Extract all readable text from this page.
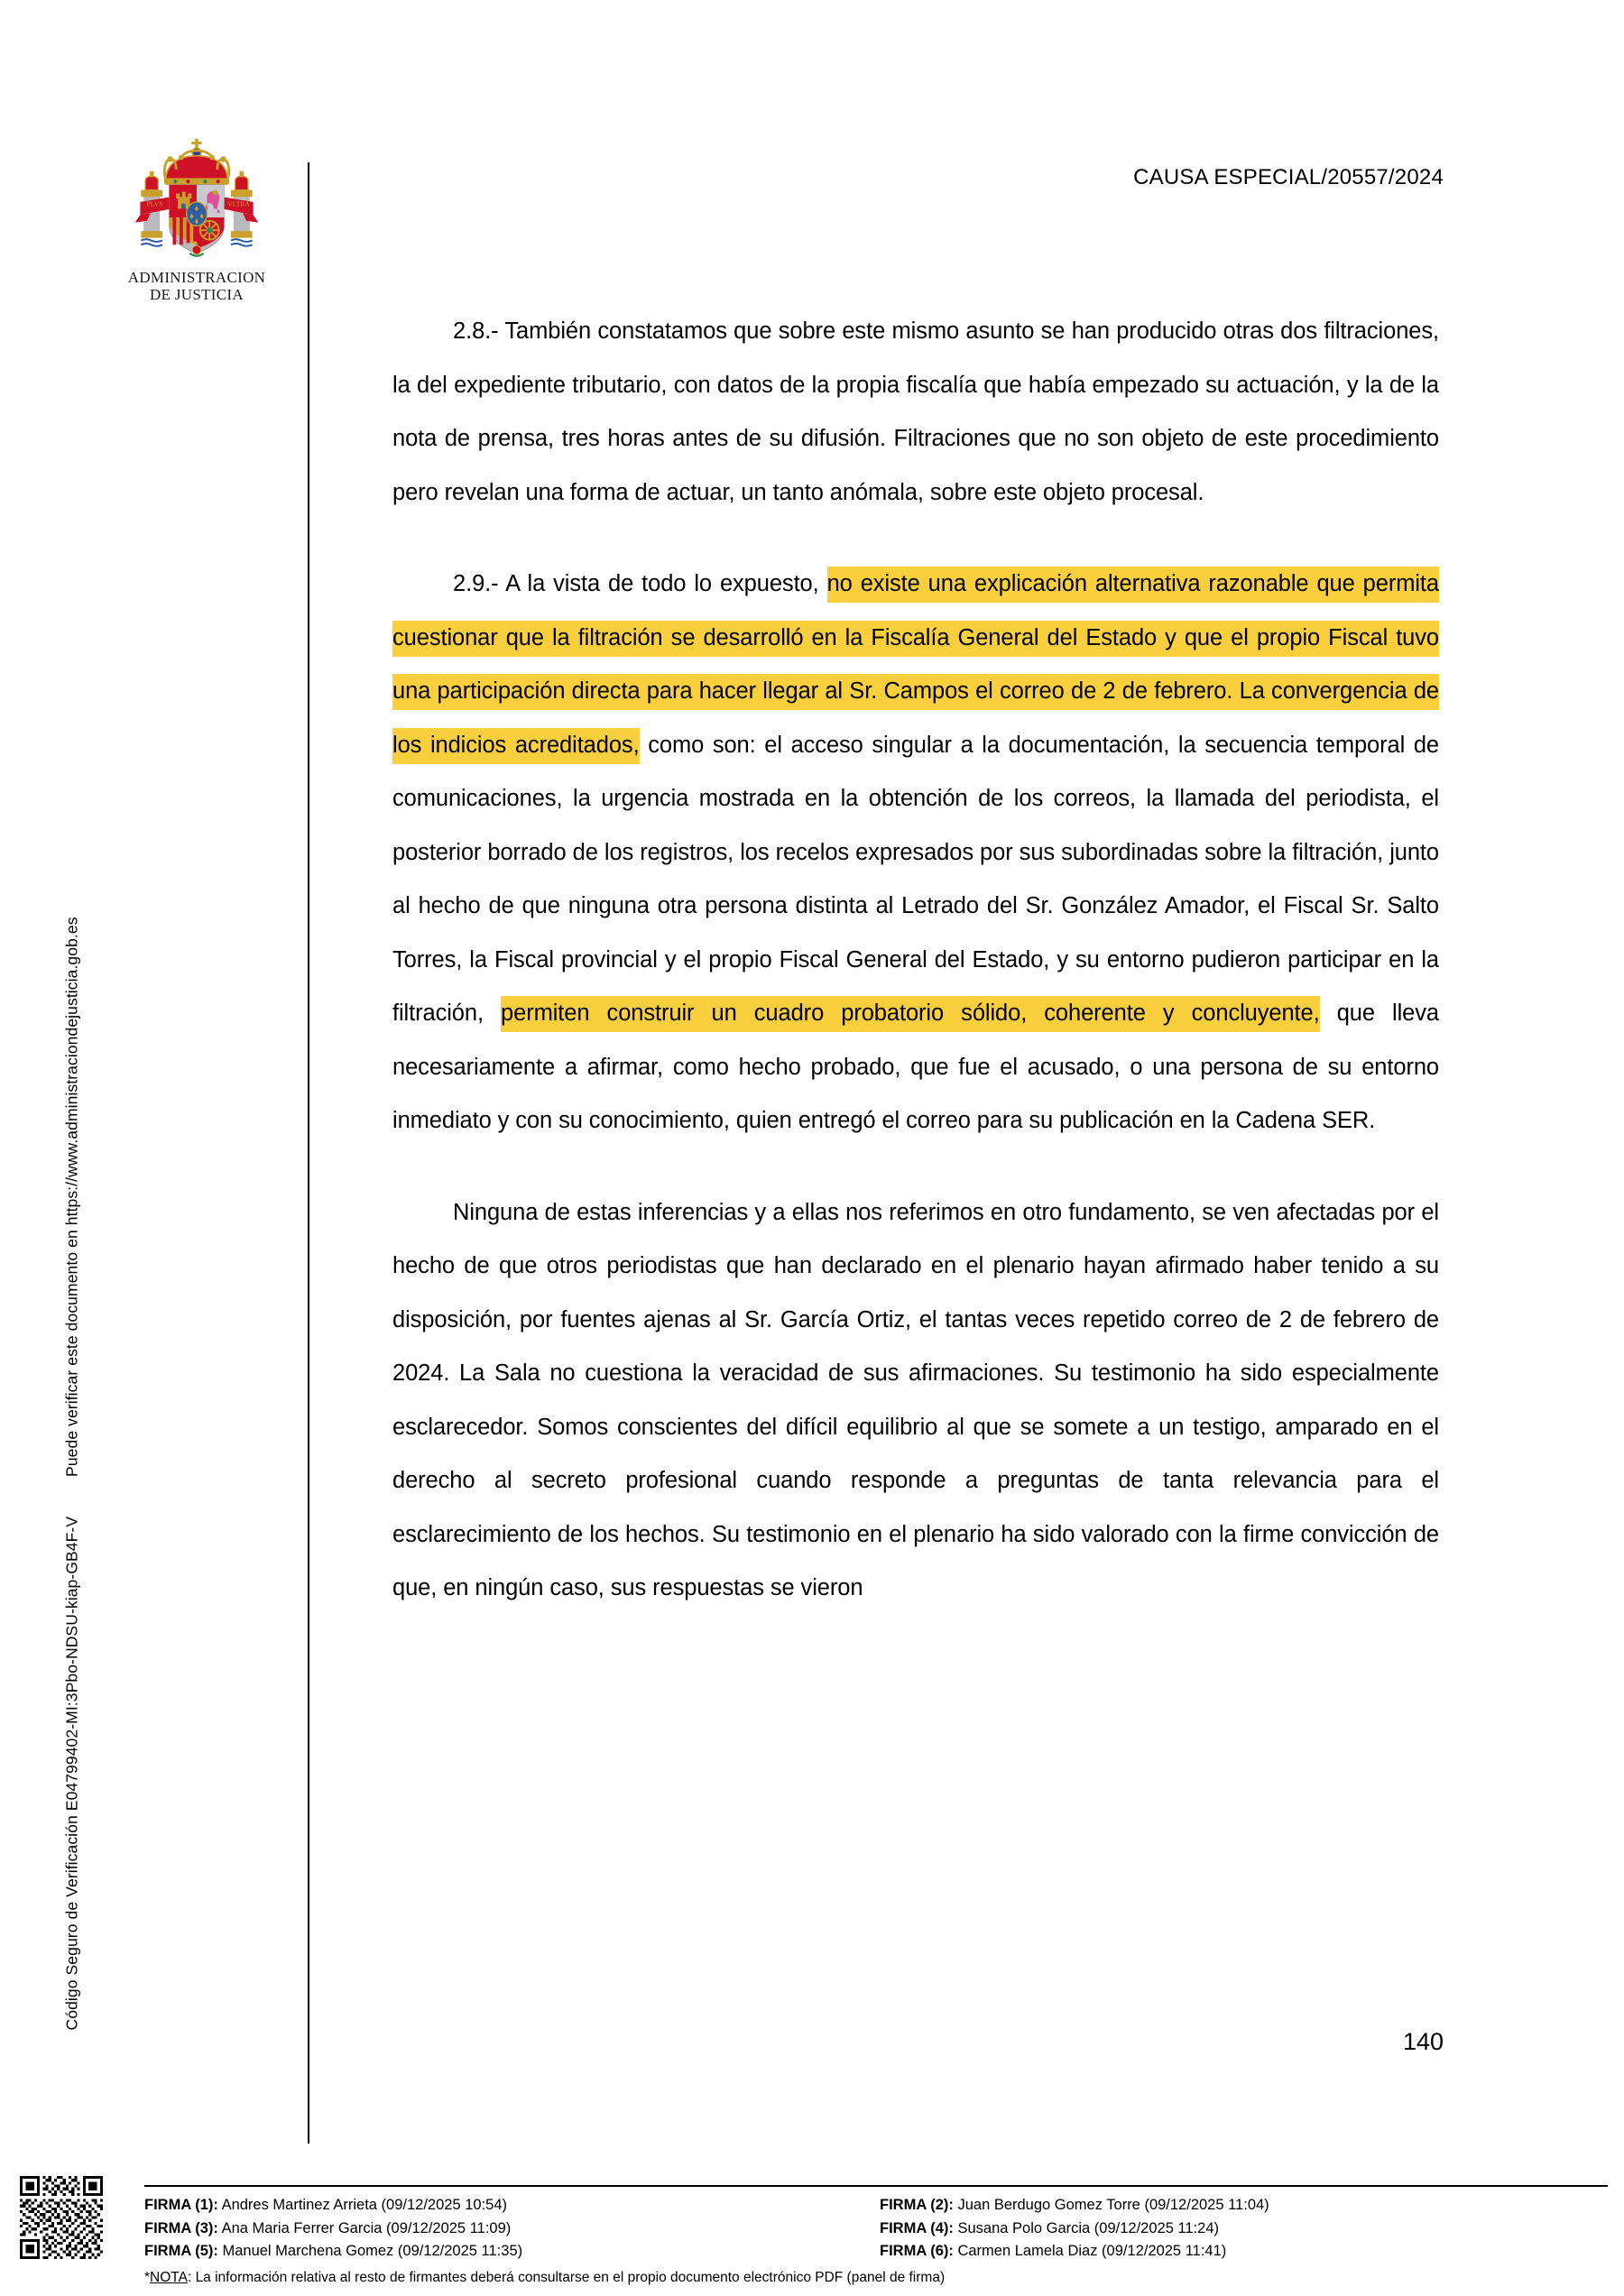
Código Seguro de Verificación E04799402-MI:3Pbo-NDSU-kiap-GB4F-V  Puede verificar este documento en https://www.administraciondejusticia.gob.es
PLVS	VLTRA
ADMINISTRACION
DE JUSTICIA
CAUSA ESPECIAL/20557/2024

2.8.- También constatamos que sobre este mismo asunto se han producido otras dos filtraciones, la del expediente tributario, con datos de la propia fiscalía que había empezado su actuación, y la de la nota de prensa, tres horas antes de su difusión. Filtraciones que no son objeto de este procedimiento pero revelan una forma de actuar, un tanto anómala, sobre este objeto procesal.

2.9.- A la vista de todo lo expuesto, no existe una explicación alternativa razonable que permita cuestionar que la filtración se desarrolló en la Fiscalía General del Estado y que el propio Fiscal tuvo una participación directa para hacer llegar al Sr. Campos el correo de 2 de febrero. La convergencia de los indicios acreditados, como son: el acceso singular a la documentación, la secuencia temporal de comunicaciones, la urgencia mostrada en la obtención de los correos, la llamada del periodista, el posterior borrado de los registros, los recelos expresados por sus subordinadas sobre la filtración, junto al hecho de que ninguna otra persona distinta al Letrado del Sr. González Amador, el Fiscal Sr. Salto Torres, la Fiscal provincial y el propio Fiscal General del Estado, y su entorno pudieron participar en la filtración, permiten construir un cuadro probatorio sólido, coherente y concluyente, que lleva necesariamente a afirmar, como hecho probado, que fue el acusado, o una persona de su entorno inmediato y con su conocimiento, quien entregó el correo para su publicación en la Cadena SER.

Ninguna de estas inferencias y a ellas nos referimos en otro fundamento, se ven afectadas por el hecho de que otros periodistas que han declarado en el plenario hayan afirmado haber tenido a su disposición, por fuentes ajenas al Sr. García Ortiz, el tantas veces repetido correo de 2 de febrero de 2024. La Sala no cuestiona la veracidad de sus afirmaciones. Su testimonio ha sido especialmente esclarecedor. Somos conscientes del difícil equilibrio al que se somete a un testigo, amparado en el derecho al secreto profesional cuando responde a preguntas de tanta relevancia para el esclarecimiento de los hechos. Su testimonio en el plenario ha sido valorado con la firme convicción de que, en ningún caso, sus respuestas se vieron

140
FIRMA (1): Andres Martinez Arrieta (09/12/2025 10:54)	FIRMA (2): Juan Berdugo Gomez Torre (09/12/2025 11:04)
FIRMA (3): Ana Maria Ferrer Garcia (09/12/2025 11:09)	FIRMA (4): Susana Polo Garcia (09/12/2025 11:24)
FIRMA (5): Manuel Marchena Gomez (09/12/2025 11:35)	FIRMA (6): Carmen Lamela Diaz (09/12/2025 11:41)
*NOTA: La información relativa al resto de firmantes deberá consultarse en el propio documento electrónico PDF (panel de firma)
